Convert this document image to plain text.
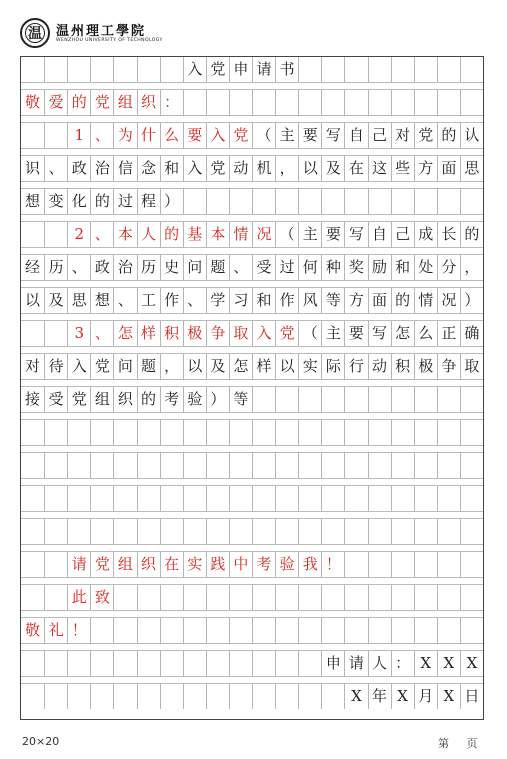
温	温州理工學院
WENZHOU UNIVERSITY OF TECHNOLOGY
入 党 申 请 书
敬 爱 的 党 组 织 ：
1 、 为 什 么 要 入 党 （ 主 要 写 自 己 对 党 的 认
识 、 政 治 信 念 和 入 党 动 机 ， 以 及 在 这 些 方 面 思
想 变 化 的 过 程 ）
2 、 本 人 的 基 本 情 况 （ 主 要 写 自 己 成 长 的
经 历 、 政 治 历 史 问 题 、 受 过 何 种 奖 励 和 处 分 ，
以 及 思 想 、 工 作 、 学 习 和 作 风 等 方 面 的 情 况 ）
3 、 怎 样 积 极 争 取 入 党 （ 主 要 写 怎 么 正 确
对 待 入 党 问 题 ， 以 及 怎 样 以 实 际 行 动 积 极 争 取
接 受 党 组 织 的 考 验 ） 等
请 党 组 织 在 实 践 中 考 验 我 ！
此 致
敬 礼 ！
申 请 人 ： X X X
X 年 X 月 X 日
20×20	第 页
